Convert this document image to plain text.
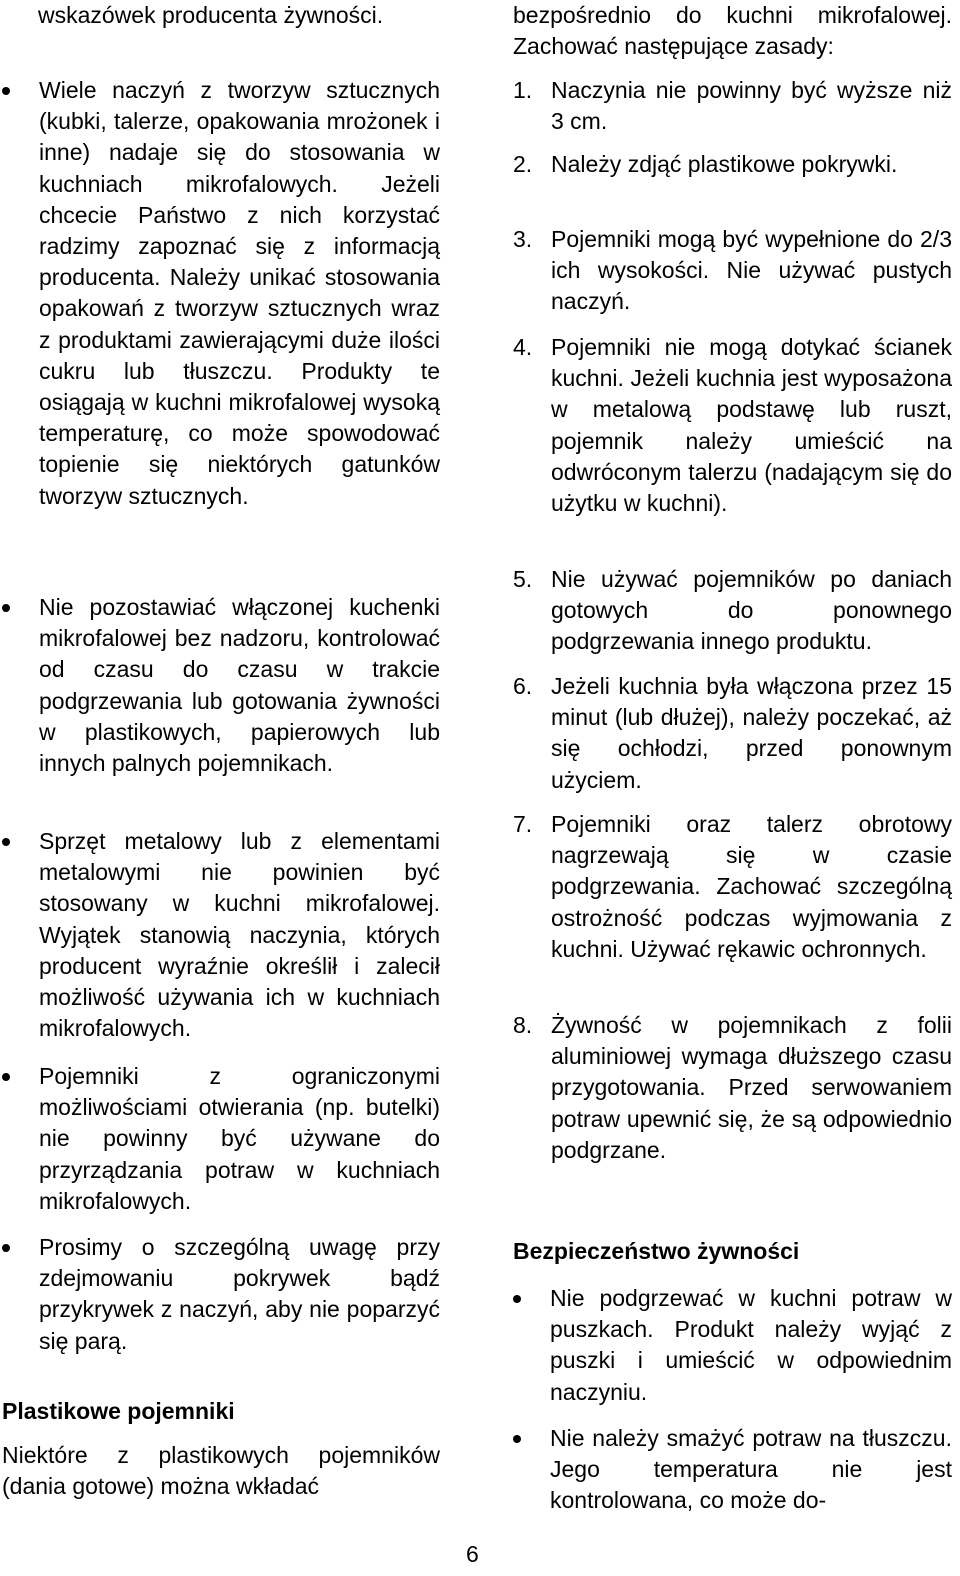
wskazówek producenta żywności.

Wiele naczyń z tworzyw sztucznych (kubki, talerze, opakowania mrożonek i inne) nadaje się do stosowania w kuchniach mikrofalowych. Jeżeli chcecie Państwo z nich korzystać radzimy zapoznać się z informacją producenta. Należy unikać stosowania opakowań z tworzyw sztucznych wraz z produktami zawierającymi duże ilości cukru lub tłuszczu. Produkty te osiągają w kuchni mikrofalowej wysoką temperaturę, co może spowodować topienie się niektórych gatunków tworzyw sztucznych.

Nie pozostawiać włączonej kuchenki mikrofalowej bez nadzoru, kontrolować od czasu do czasu w trakcie podgrzewania lub gotowania żywności w plastikowych, papierowych lub innych palnych pojemnikach.

Sprzęt metalowy lub z elementami metalowymi nie powinien być stosowany w kuchni mikrofalowej. Wyjątek stanowią naczynia, których producent wyraźnie określił i zalecił możliwość używania ich w kuchniach mikrofalowych.

Pojemniki z ograniczonymi możliwościami otwierania (np. butelki) nie powinny być używane do przyrządzania potraw w kuchniach mikrofalowych.

Prosimy o szczególną uwagę przy zdejmowaniu pokrywek bądź przykrywek z naczyń, aby nie poparzyć się parą.

Plastikowe pojemniki

Niektóre z plastikowych pojemników (dania gotowe) można wkładać

bezpośrednio do kuchni mikrofalowej. Zachować następujące zasady:

1. Naczynia nie powinny być wyższe niż 3 cm.

2. Należy zdjąć plastikowe pokrywki.

3. Pojemniki mogą być wypełnione do 2/3 ich wysokości. Nie używać pustych naczyń.

4. Pojemniki nie mogą dotykać ścianek kuchni. Jeżeli kuchnia jest wyposażona w metalową podstawę lub ruszt, pojemnik należy umieścić na odwróconym talerzu (nadającym się do użytku w kuchni).

5. Nie używać pojemników po daniach gotowych do ponownego podgrzewania innego produktu.

6. Jeżeli kuchnia była włączona przez 15 minut (lub dłużej), należy poczekać, aż się ochłodzi, przed ponownym użyciem.

7. Pojemniki oraz talerz obrotowy nagrzewają się w czasie podgrzewania. Zachować szczególną ostrożność podczas wyjmowania z kuchni. Używać rękawic ochronnych.

8. Żywność w pojemnikach z folii aluminiowej wymaga dłuższego czasu przygotowania. Przed serwowaniem potraw upewnić się, że są odpowiednio podgrzane.

Bezpieczeństwo żywności

Nie podgrzewać w kuchni potraw w puszkach. Produkt należy wyjąć z puszki i umieścić w odpowiednim naczyniu.

Nie należy smażyć potraw na tłuszczu. Jego temperatura nie jest kontrolowana, co może do-

6
